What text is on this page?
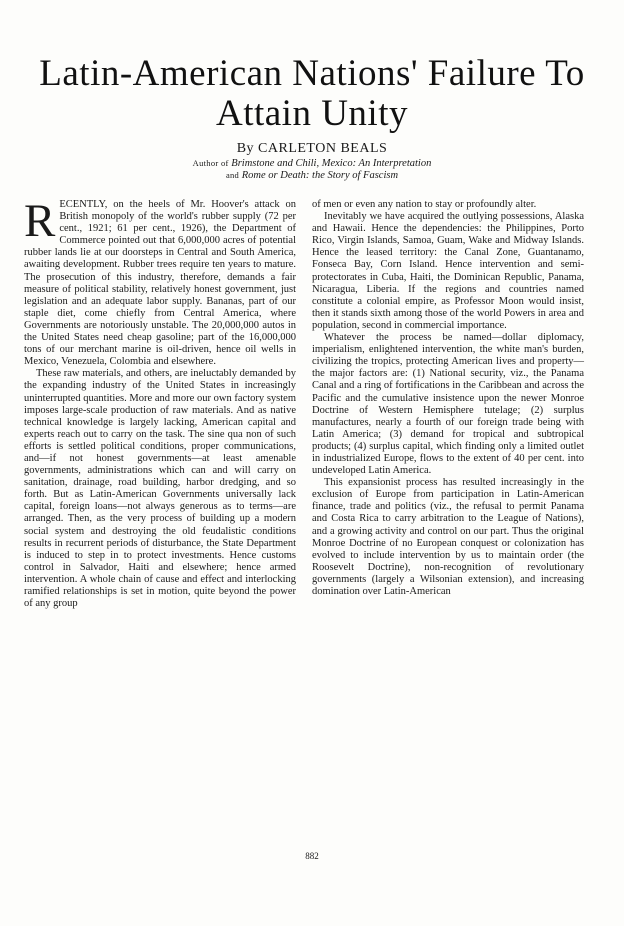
Latin-American Nations' Failure To
Attain Unity
By CARLETON BEALS
Author of Brimstone and Chili, Mexico: An Interpretation
and Rome or Death: the Story of Fascism

RECENTLY, on the heels of Mr. Hoover's attack on British monopoly of the world's rubber supply (72 per cent., 1921; 61 per cent., 1926), the Department of Commerce pointed out that 6,000,000 acres of potential rubber lands lie at our doorsteps in Central and South America, awaiting development. Rubber trees require ten years to mature. The prosecution of this industry, therefore, demands a fair measure of political stability, relatively honest government, just legislation and an adequate labor supply. Bananas, part of our staple diet, come chiefly from Central America, where Governments are notoriously unstable. The 20,000,000 autos in the United States need cheap gasoline; part of the 16,000,000 tons of our merchant marine is oil-driven, hence oil wells in Mexico, Venezuela, Colombia and elsewhere.

These raw materials, and others, are ineluctably demanded by the expanding industry of the United States in increasingly uninterrupted quantities. More and more our own factory system imposes large-scale production of raw materials. And as native technical knowledge is largely lacking, American capital and experts reach out to carry on the task. The sine qua non of such efforts is settled political conditions, proper communications, and—if not honest governments—at least amenable governments, administrations which can and will carry on sanitation, drainage, road building, harbor dredging, and so forth. But as Latin-American Governments universally lack capital, foreign loans—not always generous as to terms—are arranged. Then, as the very process of building up a modern social system and destroying the old feudalistic conditions results in recurrent periods of disturbance, the State Department is induced to step in to protect investments. Hence customs control in Salvador, Haiti and elsewhere; hence armed intervention. A whole chain of cause and effect and interlocking ramified relationships is set in motion, quite beyond the power of any group

of men or even any nation to stay or profoundly alter.

Inevitably we have acquired the outlying possessions, Alaska and Hawaii. Hence the dependencies: the Philippines, Porto Rico, Virgin Islands, Samoa, Guam, Wake and Midway Islands. Hence the leased territory: the Canal Zone, Guantanamo, Fonseca Bay, Corn Island. Hence intervention and semi-protectorates in Cuba, Haiti, the Dominican Republic, Panama, Nicaragua, Liberia. If the regions and countries named constitute a colonial empire, as Professor Moon would insist, then it stands sixth among those of the world Powers in area and population, second in commercial importance.

Whatever the process be named—dollar diplomacy, imperialism, enlightened intervention, the white man's burden, civilizing the tropics, protecting American lives and property—the major factors are: (1) National security, viz., the Panama Canal and a ring of fortifications in the Caribbean and across the Pacific and the cumulative insistence upon the newer Monroe Doctrine of Western Hemisphere tutelage; (2) surplus manufactures, nearly a fourth of our foreign trade being with Latin America; (3) demand for tropical and subtropical products; (4) surplus capital, which finding only a limited outlet in industrialized Europe, flows to the extent of 40 per cent. into undeveloped Latin America.

This expansionist process has resulted increasingly in the exclusion of Europe from participation in Latin-American finance, trade and politics (viz., the refusal to permit Panama and Costa Rica to carry arbitration to the League of Nations), and a growing activity and control on our part. Thus the original Monroe Doctrine of no European conquest or colonization has evolved to include intervention by us to maintain order (the Roosevelt Doctrine), non-recognition of revolutionary governments (largely a Wilsonian extension), and increasing domination over Latin-American

882
